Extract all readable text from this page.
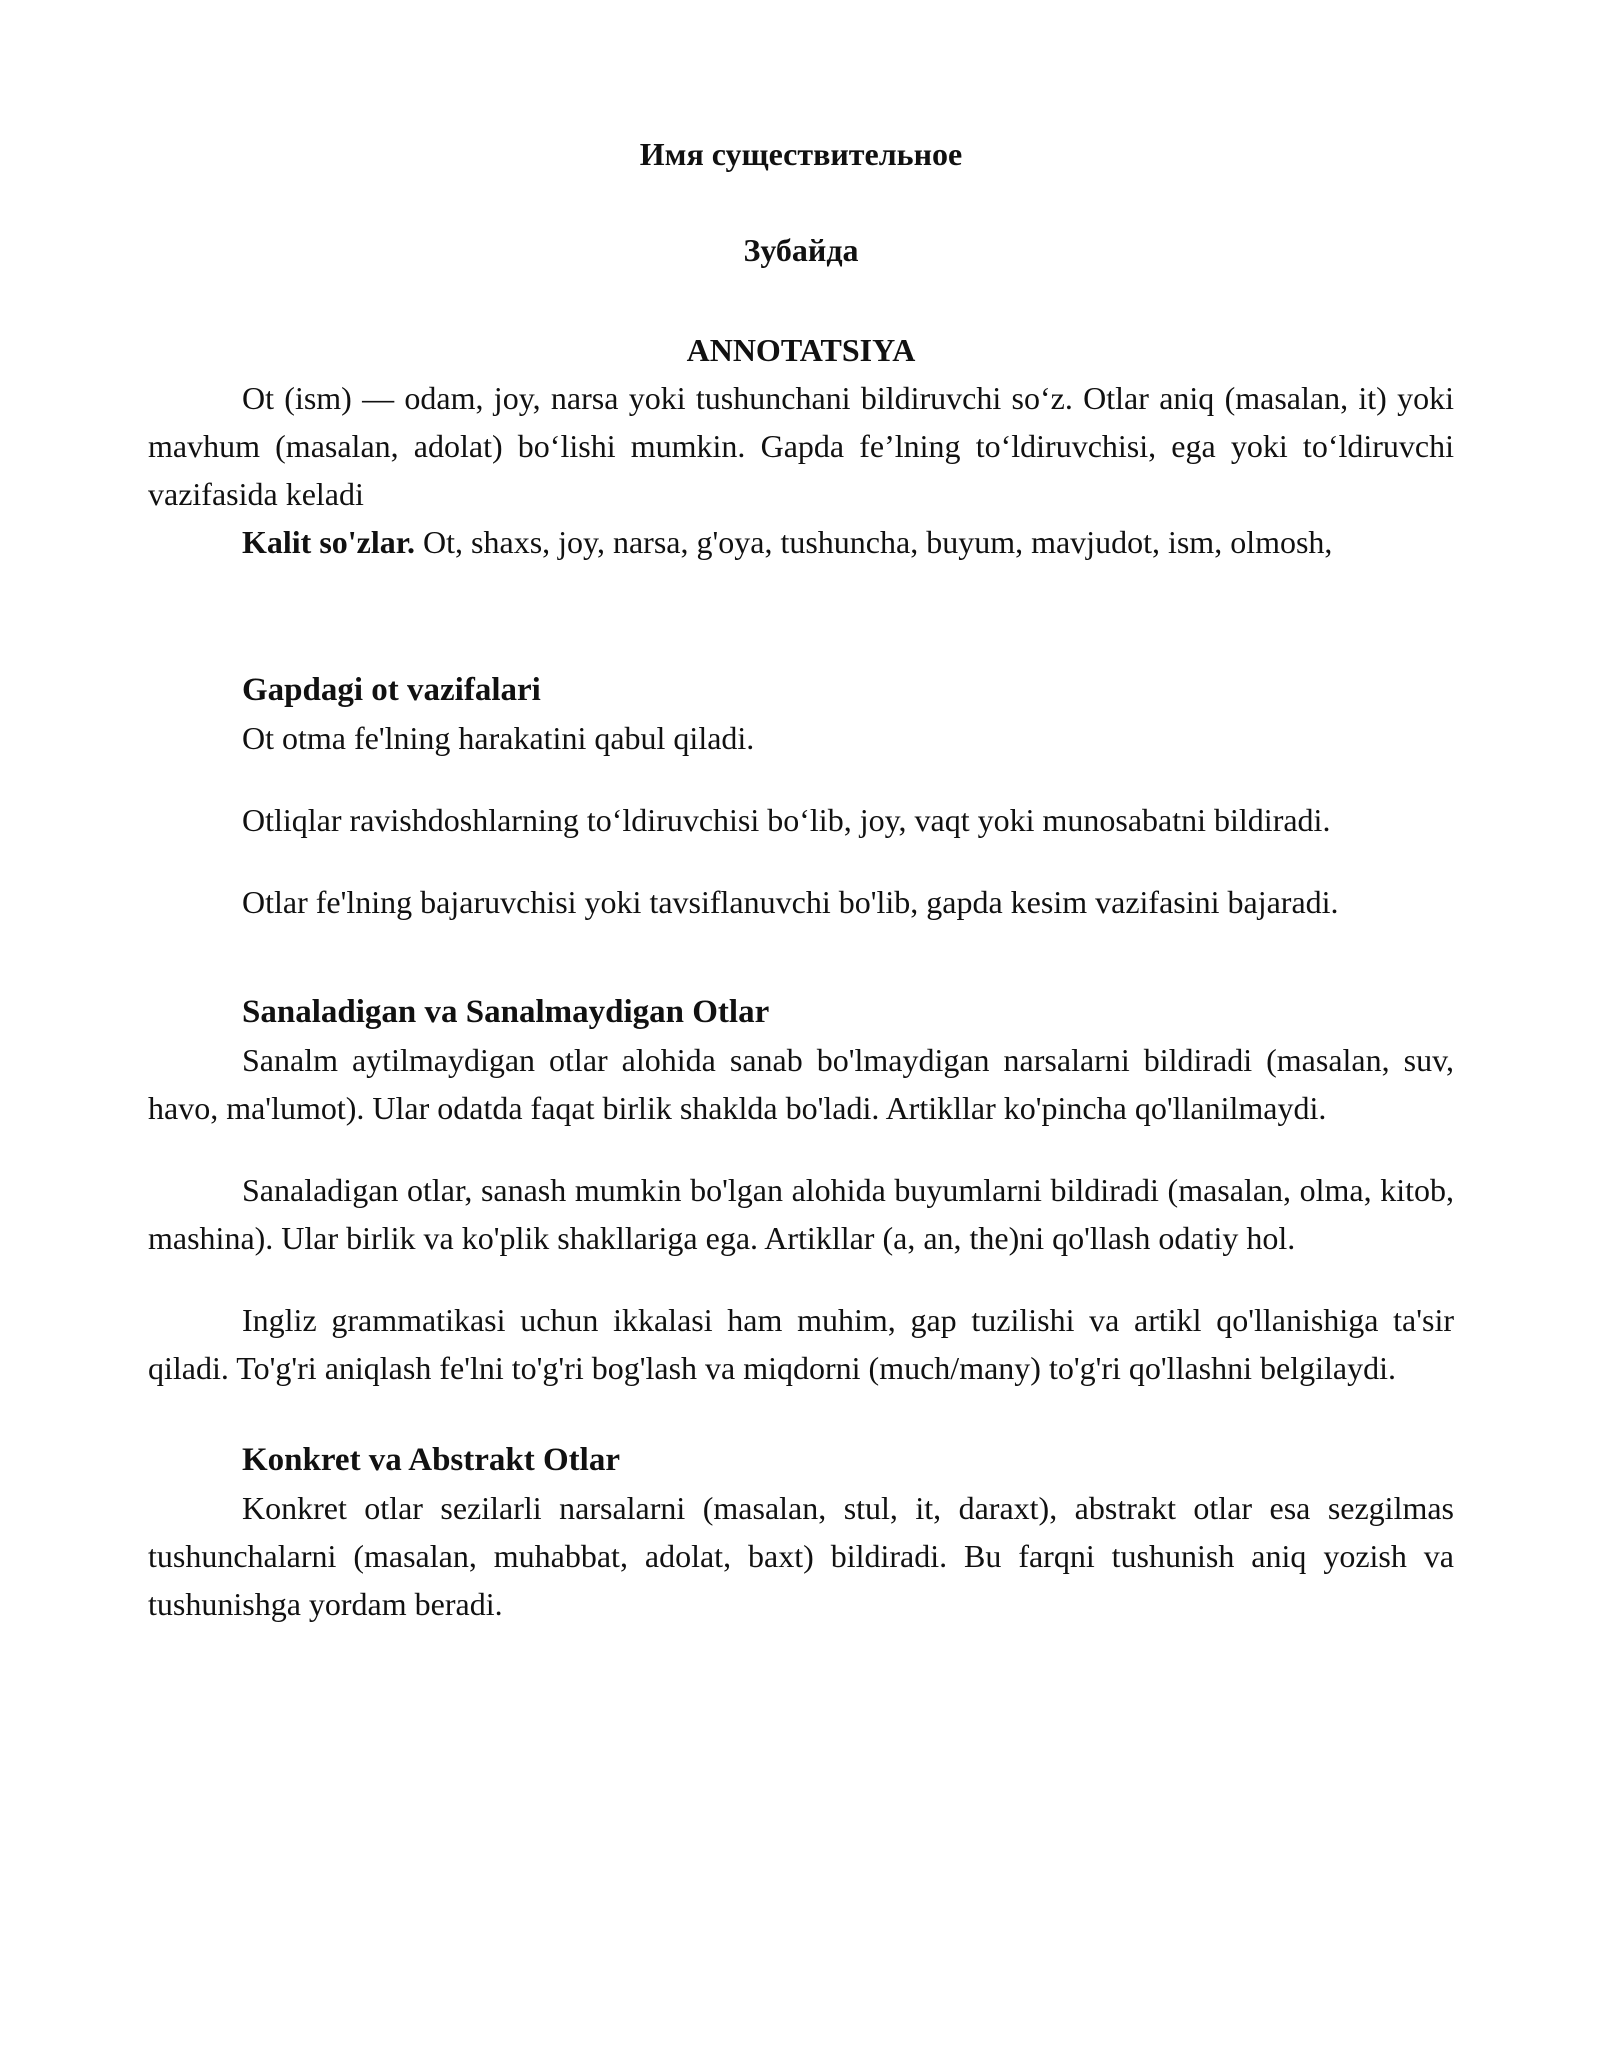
Имя существительное

Зубайда

ANNOTATSIYA

Ot (ism) — odam, joy, narsa yoki tushunchani bildiruvchi so‘z. Otlar aniq (masalan, it) yoki mavhum (masalan, adolat) bo‘lishi mumkin. Gapda fe’lning to‘ldiruvchisi, ega yoki to‘ldiruvchi vazifasida keladi

Kalit so'zlar. Ot, shaxs, joy, narsa, g'oya, tushuncha, buyum, mavjudot, ism, olmosh,

Gapdagi ot vazifalari

Ot otma fe'lning harakatini qabul qiladi.

Otliqlar ravishdoshlarning to‘ldiruvchisi bo‘lib, joy, vaqt yoki munosabatni bildiradi.

Otlar fe'lning bajaruvchisi yoki tavsiflanuvchi bo'lib, gapda kesim vazifasini bajaradi.

Sanaladigan va Sanalmaydigan Otlar

Sanalm aytilmaydigan otlar alohida sanab bo'lmaydigan narsalarni bildiradi (masalan, suv, havo, ma'lumot). Ular odatda faqat birlik shaklda bo'ladi. Artikllar ko'pincha qo'llanilmaydi.

Sanaladigan otlar, sanash mumkin bo'lgan alohida buyumlarni bildiradi (masalan, olma, kitob, mashina). Ular birlik va ko'plik shakllariga ega. Artikllar (a, an, the)ni qo'llash odatiy hol.

Ingliz grammatikasi uchun ikkalasi ham muhim, gap tuzilishi va artikl qo'llanishiga ta'sir qiladi. To'g'ri aniqlash fe'lni to'g'ri bog'lash va miqdorni (much/many) to'g'ri qo'llashni belgilaydi.

Konkret va Abstrakt Otlar

Konkret otlar sezilarli narsalarni (masalan, stul, it, daraxt), abstrakt otlar esa sezgilmas tushunchalarni (masalan, muhabbat, adolat, baxt) bildiradi. Bu farqni tushunish aniq yozish va tushunishga yordam beradi.
